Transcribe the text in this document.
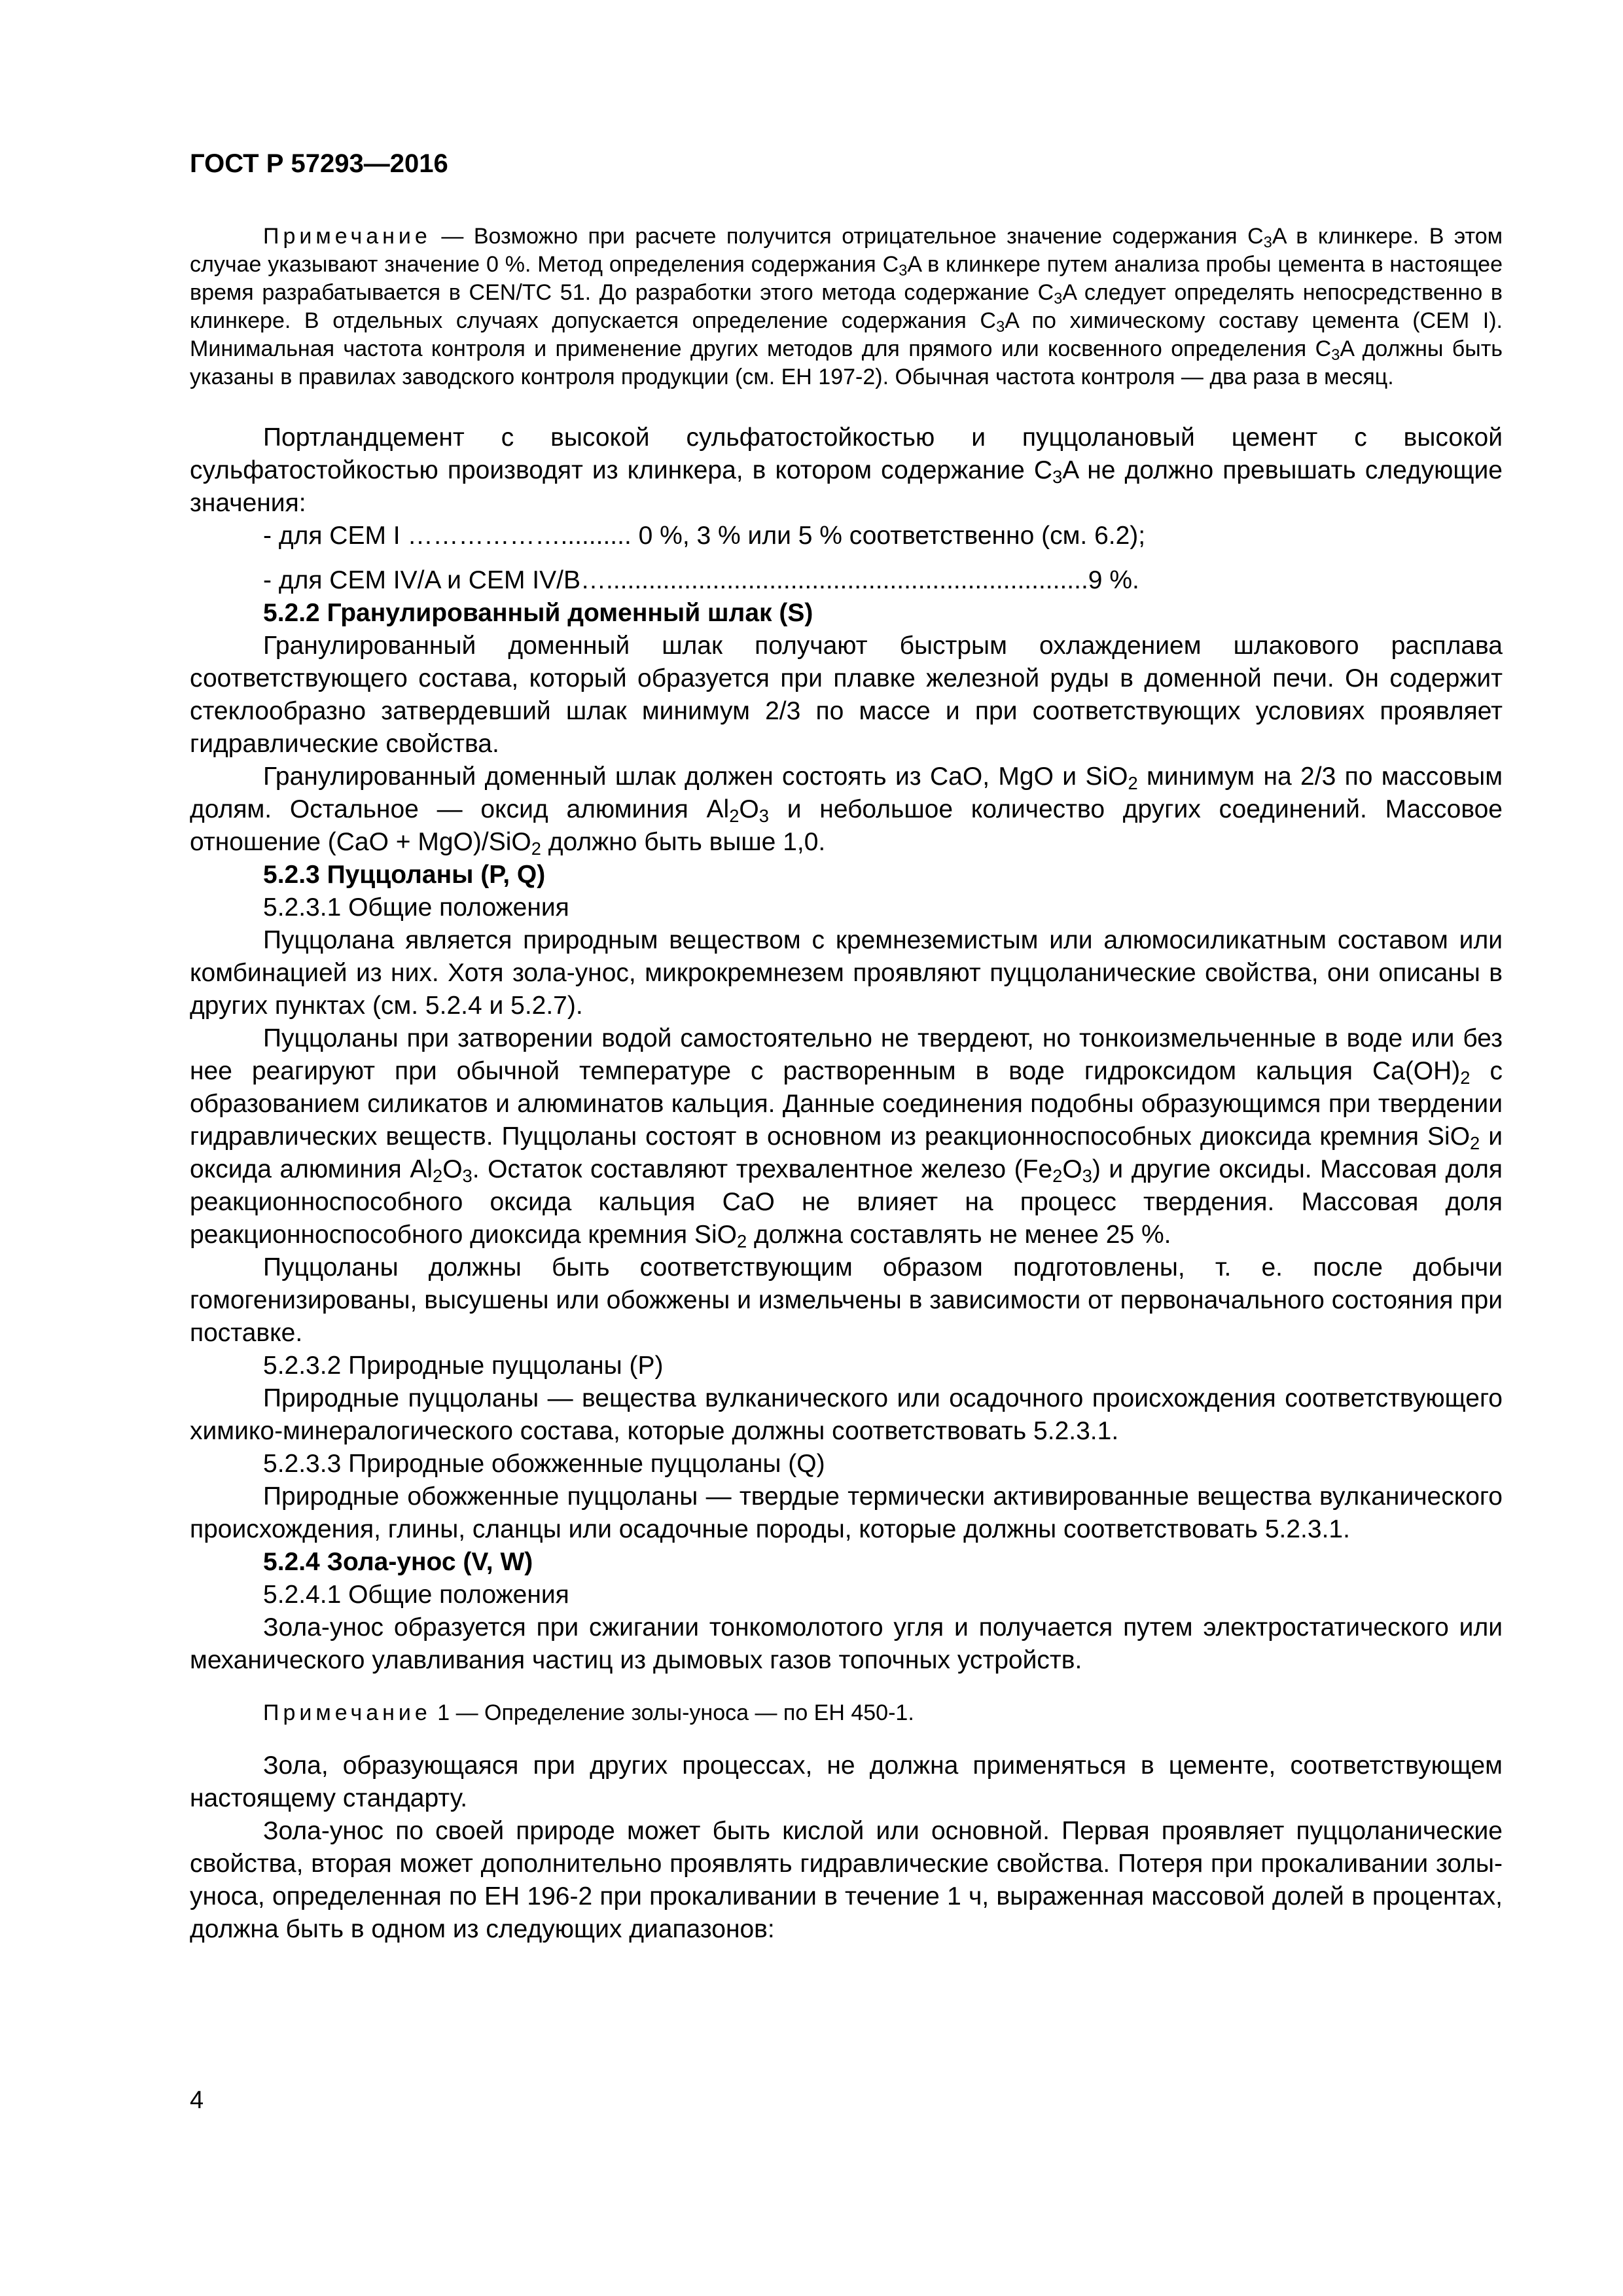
ГОСТ Р 57293—2016

Примечание — Возможно при расчете получится отрицательное значение содержания $C_3A$ в клинкере. В этом случае указывают значение 0 %. Метод определения содержания $C_3A$ в клинкере путем анализа пробы цемента в настоящее время разрабатывается в CEN/TC 51. До разработки этого метода содержание $C_3A$ следует определять непосредственно в клинкере. В отдельных случаях допускается определение содержания $C_3A$ по химическому составу цемента (CEM I). Минимальная частота контроля и применение других методов для прямого или косвенного определения $C_3A$ должны быть указаны в правилах заводского контроля продукции (см. ЕН 197-2). Обычная частота контроля — два раза в месяц.

Портландцемент с высокой сульфатостойкостью и пуццолановый цемент с высокой сульфатостойкостью производят из клинкера, в котором содержание $C_3A$ не должно превышать следующие значения:

- для CEM I ……………….......... 0 %, 3 % или 5 % соответственно (см. 6.2);
- для CEM IV/A и CEM IV/B…....................................................................9 %.
5.2.2 Гранулированный доменный шлак (S)

Гранулированный доменный шлак получают быстрым охлаждением шлакового расплава соответствующего состава, который образуется при плавке железной руды в доменной печи. Он содержит стеклообразно затвердевший шлак минимум 2/3 по массе и при соответствующих условиях проявляет гидравлические свойства.

Гранулированный доменный шлак должен состоять из CaO, MgO и SiO$_2$ минимум на 2/3 по массовым долям. Остальное — оксид алюминия $Al_2O_3$ и небольшое количество других соединений. Массовое отношение (CaO + MgO)/SiO$_2$ должно быть выше 1,0.

5.2.3 Пуццоланы (P, Q)
5.2.3.1 Общие положения

Пуццолана является природным веществом с кремнеземистым или алюмосиликатным составом или комбинацией из них. Хотя зола-унос, микрокремнезем проявляют пуццоланические свойства, они описаны в других пунктах (см. 5.2.4 и 5.2.7).

Пуццоланы при затворении водой самостоятельно не твердеют, но тонкоизмельченные в воде или без нее реагируют при обычной температуре с растворенным в воде гидроксидом кальция $Ca(OH)_2$ с образованием силикатов и алюминатов кальция. Данные соединения подобны образующимся при твердении гидравлических веществ. Пуццоланы состоят в основном из реакционноспособных диоксида кремния SiO$_2$ и оксида алюминия $Al_2O_3$. Остаток составляют трехвалентное железо $(Fe_2O_3)$ и другие оксиды. Массовая доля реакционноспособного оксида кальция CaO не влияет на процесс твердения. Массовая доля реакционноспособного диоксида кремния SiO$_2$ должна составлять не менее 25 %.

Пуццоланы должны быть соответствующим образом подготовлены, т. е. после добычи гомогенизированы, высушены или обожжены и измельчены в зависимости от первоначального состояния при поставке.

5.2.3.2 Природные пуццоланы (P)

Природные пуццоланы — вещества вулканического или осадочного происхождения соответствующего химико-минералогического состава, которые должны соответствовать 5.2.3.1.

5.2.3.3 Природные обожженные пуццоланы (Q)

Природные обожженные пуццоланы — твердые термически активированные вещества вулканического происхождения, глины, сланцы или осадочные породы, которые должны соответствовать 5.2.3.1.

5.2.4 Зола-унос (V, W)
5.2.4.1 Общие положения

Зола-унос образуется при сжигании тонкомолотого угля и получается путем электростатического или механического улавливания частиц из дымовых газов топочных устройств.

Примечание 1 — Определение золы-уноса — по ЕН 450-1.

Зола, образующаяся при других процессах, не должна применяться в цементе, соответствующем настоящему стандарту.

Зола-унос по своей природе может быть кислой или основной. Первая проявляет пуццоланические свойства, вторая может дополнительно проявлять гидравлические свойства. Потеря при прокаливании золы-уноса, определенная по ЕН 196-2 при прокаливании в течение 1 ч, выраженная массовой долей в процентах, должна быть в одном из следующих диапазонов:

4
